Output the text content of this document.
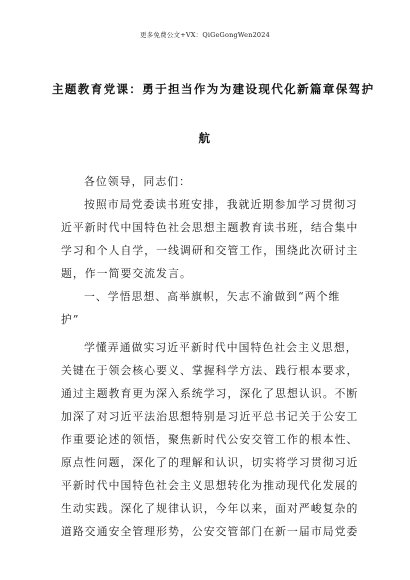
更多免费公文+VX：QiGeGongWen2024
主题教育党课：勇于担当作为为建设现代化新篇章保驾护
航
各位领导，同志们：
按照市局党委读书班安排，我就近期参加学习贯彻习
近平新时代中国特色社会思想主题教育读书班，结合集中
学习和个人自学，一线调研和交管工作，围绕此次研讨主
题，作一简要交流发言。
一、学悟思想、高举旗帜，矢志不渝做到“两个维
护”
学懂弄通做实习近平新时代中国特色社会主义思想，
关键在于领会核心要义、掌握科学方法、践行根本要求，
通过主题教育更为深入系统学习，深化了思想认识。不断
加深了对习近平法治思想特别是习近平总书记关于公安工
作重要论述的领悟，聚焦新时代公安交管工作的根本性、
原点性问题，深化了的理解和认识，切实将学习贯彻习近
平新时代中国特色社会主义思想转化为推动现代化发展的
生动实践。深化了规律认识，今年以来，面对严峻复杂的
道路交通安全管理形势，公安交管部门在新一届市局党委
